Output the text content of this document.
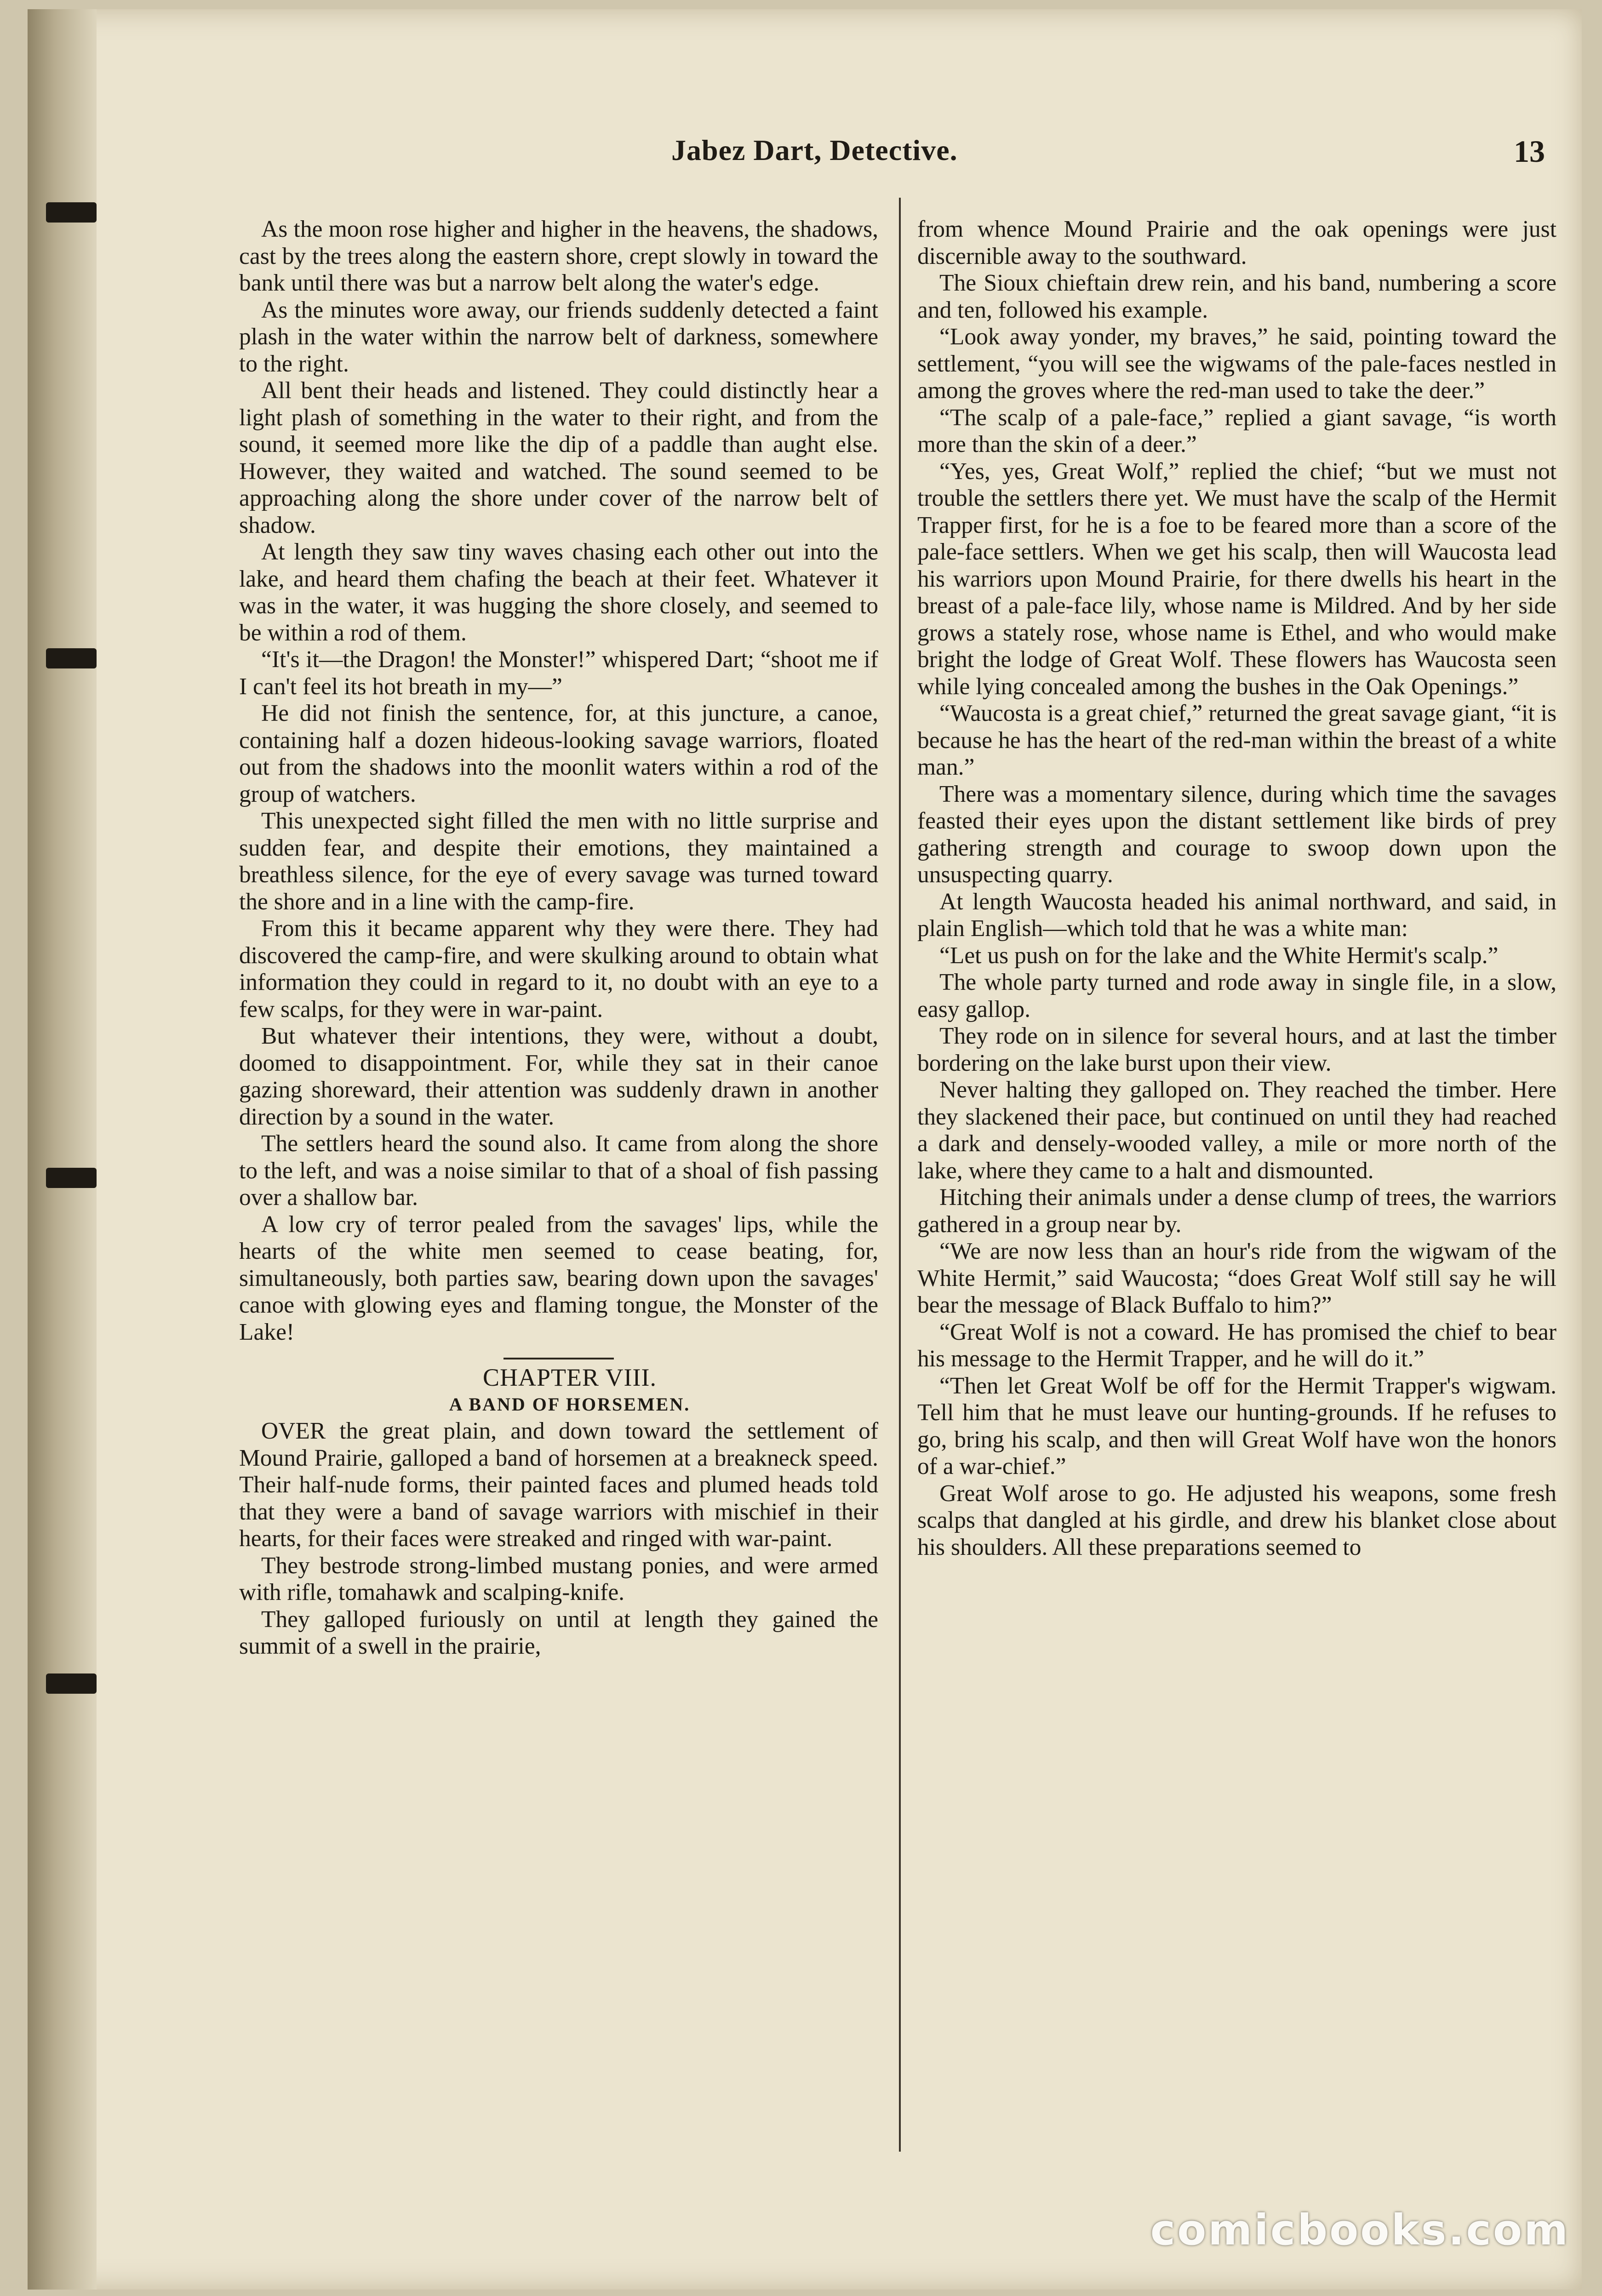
Jabez Dart, Detective.	13

As the moon rose higher and higher in the heavens, the shadows, cast by the trees along the eastern shore, crept slowly in toward the bank until there was but a narrow belt along the water's edge.

As the minutes wore away, our friends suddenly detected a faint plash in the water within the narrow belt of darkness, somewhere to the right.

All bent their heads and listened. They could distinctly hear a light plash of something in the water to their right, and from the sound, it seemed more like the dip of a paddle than aught else. However, they waited and watched. The sound seemed to be approaching along the shore under cover of the narrow belt of shadow.

At length they saw tiny waves chasing each other out into the lake, and heard them chafing the beach at their feet. Whatever it was in the water, it was hugging the shore closely, and seemed to be within a rod of them.

“It's it—the Dragon! the Monster!” whispered Dart; “shoot me if I can't feel its hot breath in my—”

He did not finish the sentence, for, at this juncture, a canoe, containing half a dozen hideous-looking savage warriors, floated out from the shadows into the moonlit waters within a rod of the group of watchers.

This unexpected sight filled the men with no little surprise and sudden fear, and despite their emotions, they maintained a breathless silence, for the eye of every savage was turned toward the shore and in a line with the camp-fire.

From this it became apparent why they were there. They had discovered the camp-fire, and were skulking around to obtain what information they could in regard to it, no doubt with an eye to a few scalps, for they were in war-paint.

But whatever their intentions, they were, without a doubt, doomed to disappointment. For, while they sat in their canoe gazing shoreward, their attention was suddenly drawn in another direction by a sound in the water.

The settlers heard the sound also. It came from along the shore to the left, and was a noise similar to that of a shoal of fish passing over a shallow bar.

A low cry of terror pealed from the savages' lips, while the hearts of the white men seemed to cease beating, for, simultaneously, both parties saw, bearing down upon the savages' canoe with glowing eyes and flaming tongue, the Monster of the Lake!

CHAPTER VIII.

A BAND OF HORSEMEN.

OVER the great plain, and down toward the settlement of Mound Prairie, galloped a band of horsemen at a breakneck speed. Their half-nude forms, their painted faces and plumed heads told that they were a band of savage warriors with mischief in their hearts, for their faces were streaked and ringed with war-paint.

They bestrode strong-limbed mustang ponies, and were armed with rifle, tomahawk and scalping-knife.

They galloped furiously on until at length they gained the summit of a swell in the prairie,

from whence Mound Prairie and the oak openings were just discernible away to the southward.

The Sioux chieftain drew rein, and his band, numbering a score and ten, followed his example.

“Look away yonder, my braves,” he said, pointing toward the settlement, “you will see the wigwams of the pale-faces nestled in among the groves where the red-man used to take the deer.”

“The scalp of a pale-face,” replied a giant savage, “is worth more than the skin of a deer.”

“Yes, yes, Great Wolf,” replied the chief; “but we must not trouble the settlers there yet. We must have the scalp of the Hermit Trapper first, for he is a foe to be feared more than a score of the pale-face settlers. When we get his scalp, then will Waucosta lead his warriors upon Mound Prairie, for there dwells his heart in the breast of a pale-face lily, whose name is Mildred. And by her side grows a stately rose, whose name is Ethel, and who would make bright the lodge of Great Wolf. These flowers has Waucosta seen while lying concealed among the bushes in the Oak Openings.”

“Waucosta is a great chief,” returned the great savage giant, “it is because he has the heart of the red-man within the breast of a white man.”

There was a momentary silence, during which time the savages feasted their eyes upon the distant settlement like birds of prey gathering strength and courage to swoop down upon the unsuspecting quarry.

At length Waucosta headed his animal northward, and said, in plain English—which told that he was a white man:

“Let us push on for the lake and the White Hermit's scalp.”

The whole party turned and rode away in single file, in a slow, easy gallop.

They rode on in silence for several hours, and at last the timber bordering on the lake burst upon their view.

Never halting they galloped on. They reached the timber. Here they slackened their pace, but continued on until they had reached a dark and densely-wooded valley, a mile or more north of the lake, where they came to a halt and dismounted.

Hitching their animals under a dense clump of trees, the warriors gathered in a group near by.

“We are now less than an hour's ride from the wigwam of the White Hermit,” said Waucosta; “does Great Wolf still say he will bear the message of Black Buffalo to him?”

“Great Wolf is not a coward. He has promised the chief to bear his message to the Hermit Trapper, and he will do it.”

“Then let Great Wolf be off for the Hermit Trapper's wigwam. Tell him that he must leave our hunting-grounds. If he refuses to go, bring his scalp, and then will Great Wolf have won the honors of a war-chief.”

Great Wolf arose to go. He adjusted his weapons, some fresh scalps that dangled at his girdle, and drew his blanket close about his shoulders. All these preparations seemed to

comicbooks.com
